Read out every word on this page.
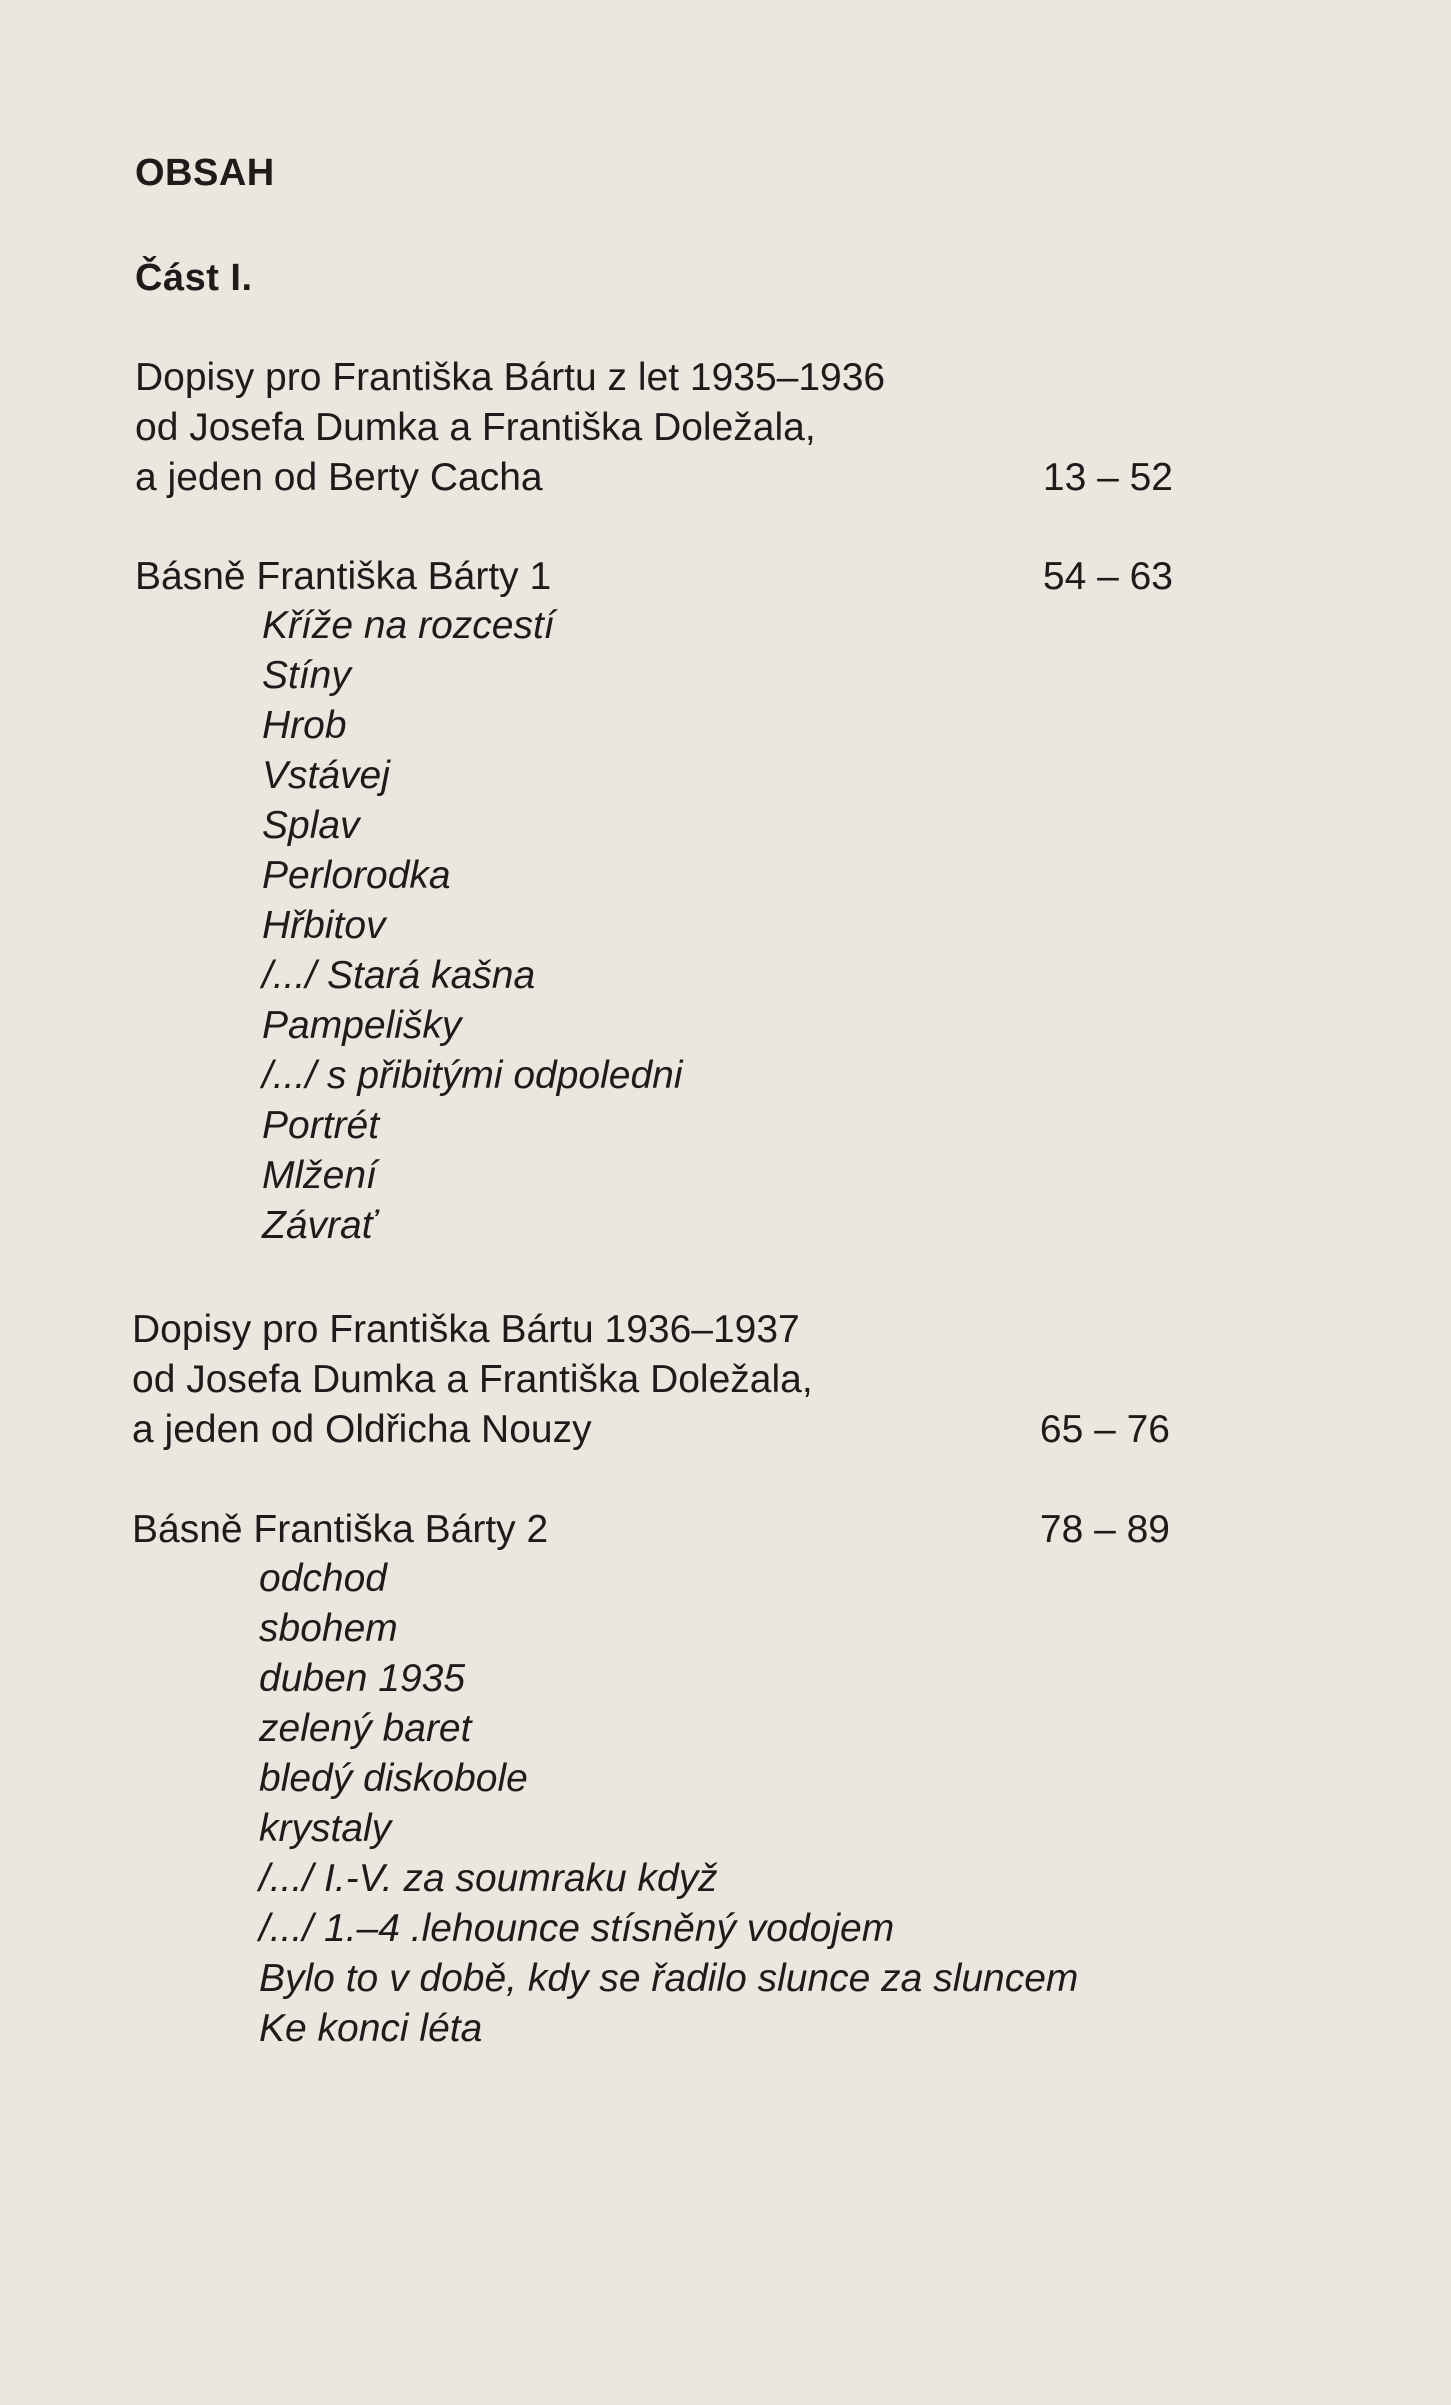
OBSAH
Část I.
Dopisy pro Františka Bártu z let 1935–1936
od Josefa Dumka a Františka Doležala,
a jeden od Berty Cacha	13 – 52
Básně Františka Bárty 1	54 – 63
Kříže na rozcestí
Stíny
Hrob
Vstávej
Splav
Perlorodka
Hřbitov
/.../ Stará kašna
Pampelišky
/.../ s přibitými odpoledni
Portrét
Mlžení
Závrať
Dopisy pro Františka Bártu 1936–1937
od Josefa Dumka a Františka Doležala,
a jeden od Oldřicha Nouzy	65 – 76
Básně Františka Bárty 2	78 – 89
odchod
sbohem
duben 1935
zelený baret
bledý diskobole
krystaly
/.../ I.-V. za soumraku když
/.../ 1.–4 .lehounce stísněný vodojem
Bylo to v době, kdy se řadilo slunce za sluncem
Ke konci léta
